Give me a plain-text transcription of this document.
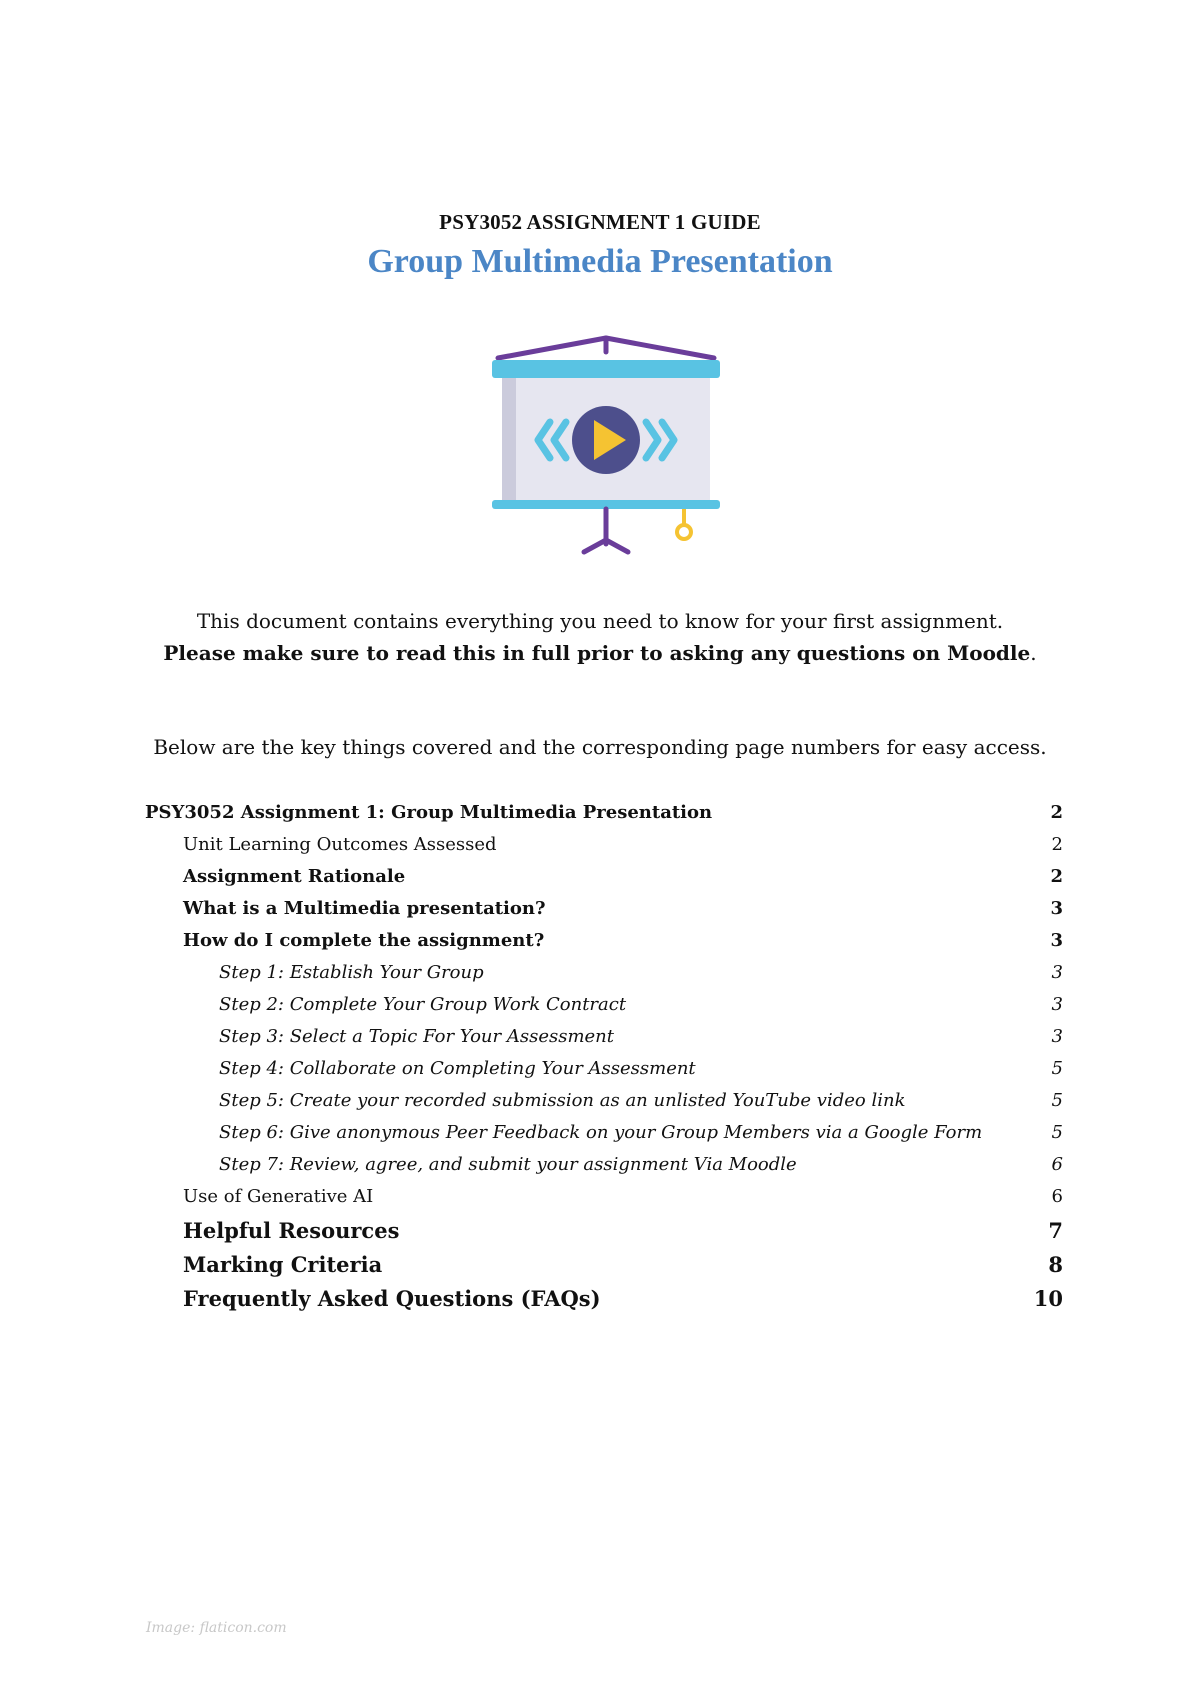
PSY3052 ASSIGNMENT 1 GUIDE

Group Multimedia Presentation

This document contains everything you need to know for your first assignment.
Please make sure to read this in full prior to asking any questions on Moodle.
Below are the key things covered and the corresponding page numbers for easy access.
PSY3052 Assignment 1: Group Multimedia Presentation	2
Unit Learning Outcomes Assessed	2
Assignment Rationale	2
What is a Multimedia presentation?	3
How do I complete the assignment?	3
Step 1: Establish Your Group	3
Step 2: Complete Your Group Work Contract	3
Step 3: Select a Topic For Your Assessment	3
Step 4: Collaborate on Completing Your Assessment	5
Step 5: Create your recorded submission as an unlisted YouTube video link	5
Step 6: Give anonymous Peer Feedback on your Group Members via a Google Form	5
Step 7: Review, agree, and submit your assignment Via Moodle	6
Use of Generative AI	6
Helpful Resources	7
Marking Criteria	8
Frequently Asked Questions (FAQs)	10
Image: flaticon.com
